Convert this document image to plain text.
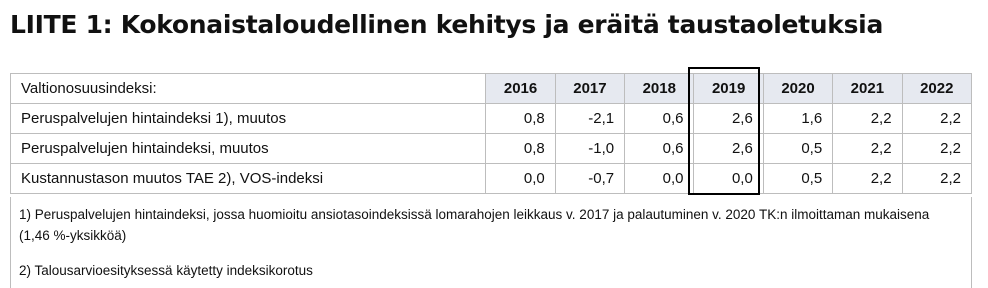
LIITE 1: Kokonaistaloudellinen kehitys ja eräitä taustaoletuksia
Valtionosuusindeksi:	2016	2017	2018	2019	2020	2021	2022
Peruspalvelujen hintaindeksi 1), muutos	0,8	-2,1	0,6	2,6	1,6	2,2	2,2
Peruspalvelujen hintaindeksi, muutos	0,8	-1,0	0,6	2,6	0,5	2,2	2,2
Kustannustason muutos TAE 2), VOS-indeksi	0,0	-0,7	0,0	0,0	0,5	2,2	2,2
1) Peruspalvelujen hintaindeksi, jossa huomioitu ansiotasoindeksissä lomarahojen leikkaus v. 2017 ja palautuminen v. 2020 TK:n ilmoittaman mukaisena (1,46 %-yksikköä)
2) Talousarvioesityksessä käytetty indeksikorotus
